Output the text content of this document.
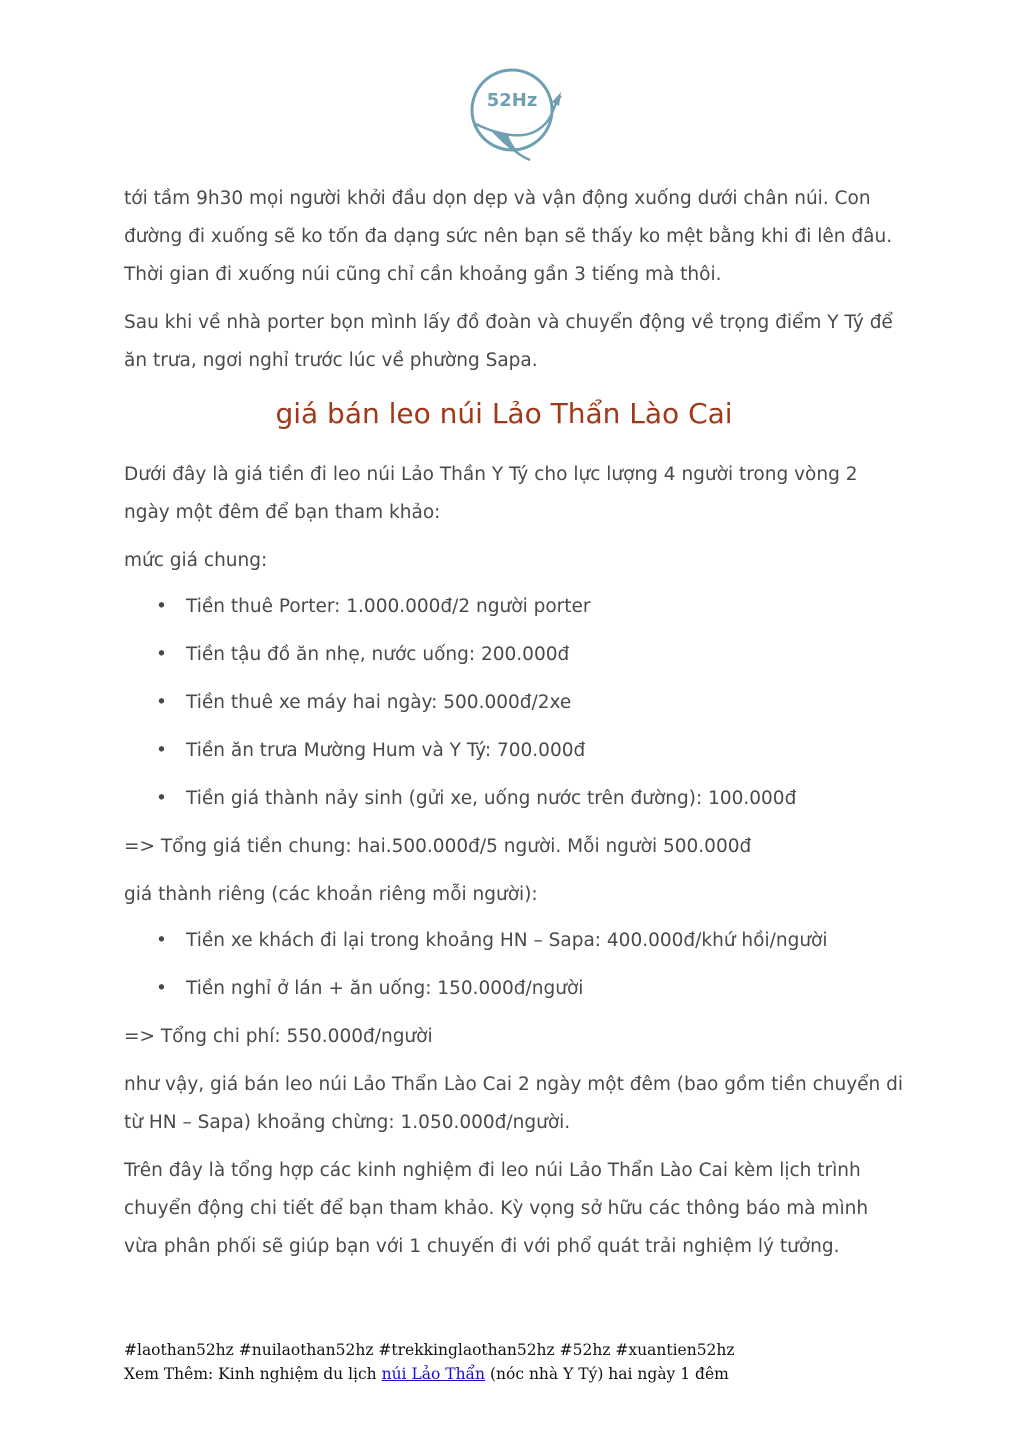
52Hz

tới tầm 9h30 mọi người khởi đầu dọn dẹp và vận động xuống dưới chân núi. Con đường đi xuống sẽ ko tốn đa dạng sức nên bạn sẽ thấy ko mệt bằng khi đi lên đâu. Thời gian đi xuống núi cũng chỉ cần khoảng gần 3 tiếng mà thôi.

Sau khi về nhà porter bọn mình lấy đồ đoàn và chuyển động về trọng điểm Y Tý để ăn trưa, ngơi nghỉ trước lúc về phường Sapa.

giá bán leo núi Lảo Thẩn Lào Cai

Dưới đây là giá tiền đi leo núi Lảo Thần Y Tý cho lực lượng 4 người trong vòng 2 ngày một đêm để bạn tham khảo:

mức giá chung:

• Tiền thuê Porter: 1.000.000đ/2 người porter
• Tiền tậu đồ ăn nhẹ, nước uống: 200.000đ
• Tiền thuê xe máy hai ngày: 500.000đ/2xe
• Tiền ăn trưa Mường Hum và Y Tý: 700.000đ
• Tiền giá thành nảy sinh (gửi xe, uống nước trên đường): 100.000đ

=> Tổng giá tiền chung: hai.500.000đ/5 người. Mỗi người 500.000đ

giá thành riêng (các khoản riêng mỗi người):

• Tiền xe khách đi lại trong khoảng HN – Sapa: 400.000đ/khứ hồi/người
• Tiền nghỉ ở lán + ăn uống: 150.000đ/người

=> Tổng chi phí: 550.000đ/người

như vậy, giá bán leo núi Lảo Thẩn Lào Cai 2 ngày một đêm (bao gồm tiền chuyển di từ HN – Sapa) khoảng chừng: 1.050.000đ/người.

Trên đây là tổng hợp các kinh nghiệm đi leo núi Lảo Thẩn Lào Cai kèm lịch trình chuyển động chi tiết để bạn tham khảo. Kỳ vọng sở hữu các thông báo mà mình vừa phân phối sẽ giúp bạn với 1 chuyến đi với phổ quát trải nghiệm lý tưởng.

#laothan52hz #nuilaothan52hz #trekkinglaothan52hz #52hz #xuantien52hz
Xem Thêm: Kinh nghiệm du lịch núi Lảo Thẩn (nóc nhà Y Tý) hai ngày 1 đêm
